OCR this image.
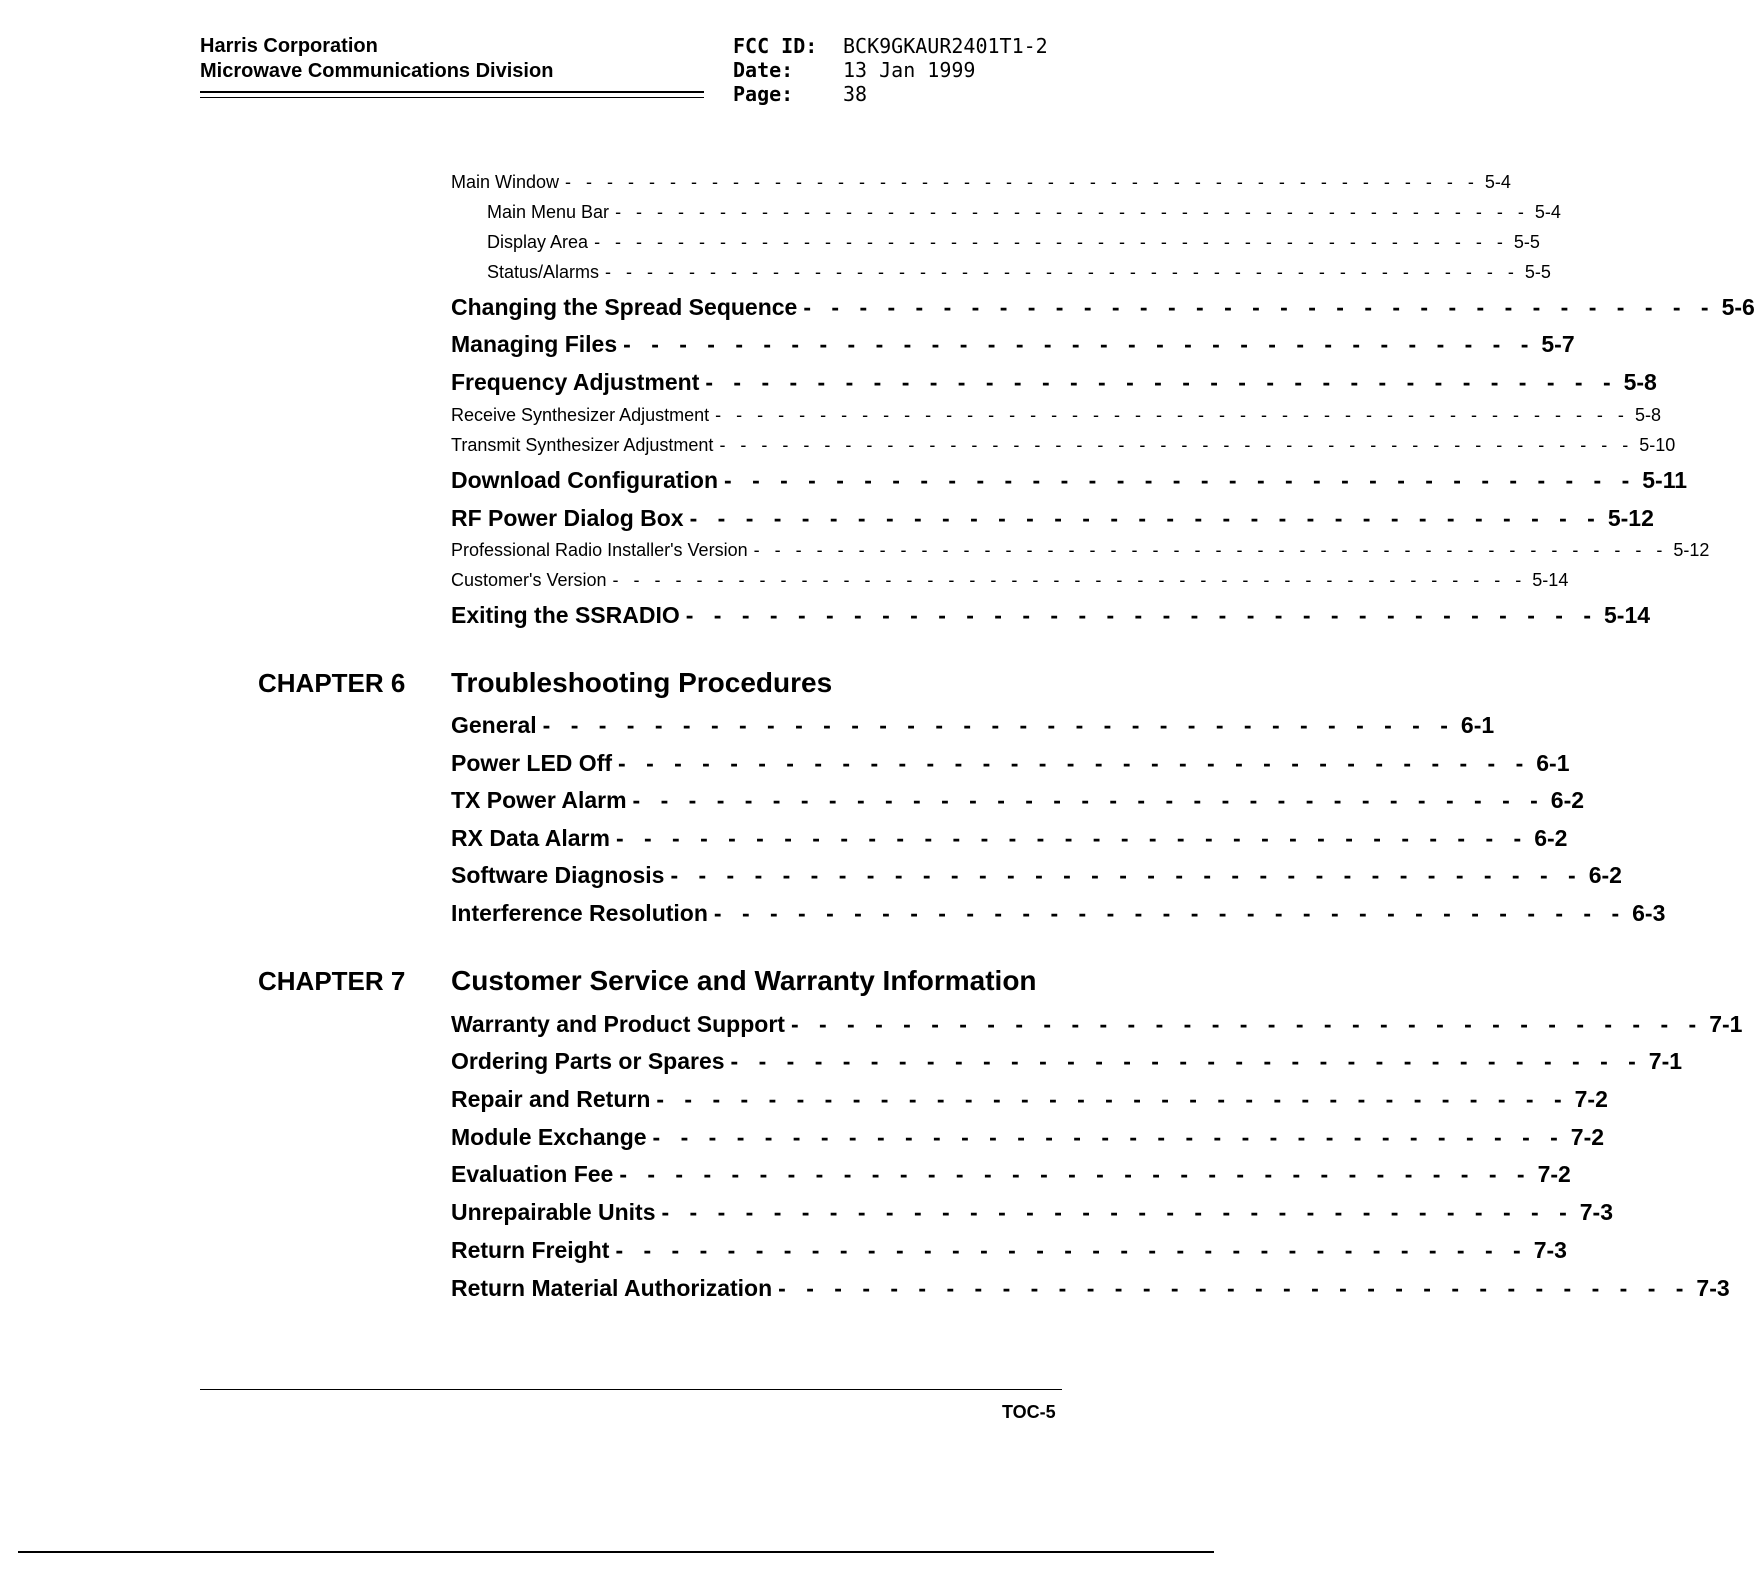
Harris Corporation
Microwave Communications Division
FCC ID:	BCK9GKAUR2401T1-2
Date:	13 Jan 1999
Page:	38
Main Window - - - - - - - - - - - - - - - - - - - - - - - - - - - - - - - - - - - - - - - - - - - - 5-4
Main Menu Bar - - - - - - - - - - - - - - - - - - - - - - - - - - - - - - - - - - - - - - - - - - - - 5-4
Display Area - - - - - - - - - - - - - - - - - - - - - - - - - - - - - - - - - - - - - - - - - - - - 5-5
Status/Alarms - - - - - - - - - - - - - - - - - - - - - - - - - - - - - - - - - - - - - - - - - - - - 5-5
Changing the Spread Sequence - - - - - - - - - - - - - - - - - - - - - - - - - - - - - - - - - 5-6
Managing Files - - - - - - - - - - - - - - - - - - - - - - - - - - - - - - - - - 5-7
Frequency Adjustment - - - - - - - - - - - - - - - - - - - - - - - - - - - - - - - - - 5-8
Receive Synthesizer Adjustment - - - - - - - - - - - - - - - - - - - - - - - - - - - - - - - - - - - - - - - - - - - - 5-8
Transmit Synthesizer Adjustment - - - - - - - - - - - - - - - - - - - - - - - - - - - - - - - - - - - - - - - - - - - - 5-10
Download Configuration - - - - - - - - - - - - - - - - - - - - - - - - - - - - - - - - - 5-11
RF Power Dialog Box - - - - - - - - - - - - - - - - - - - - - - - - - - - - - - - - - 5-12
Professional Radio Installer's Version - - - - - - - - - - - - - - - - - - - - - - - - - - - - - - - - - - - - - - - - - - - - 5-12
Customer's Version - - - - - - - - - - - - - - - - - - - - - - - - - - - - - - - - - - - - - - - - - - - - 5-14
Exiting the SSRADIO - - - - - - - - - - - - - - - - - - - - - - - - - - - - - - - - - 5-14
CHAPTER 6 Troubleshooting Procedures
General - - - - - - - - - - - - - - - - - - - - - - - - - - - - - - - - - 6-1
Power LED Off - - - - - - - - - - - - - - - - - - - - - - - - - - - - - - - - - 6-1
TX Power Alarm - - - - - - - - - - - - - - - - - - - - - - - - - - - - - - - - - 6-2
RX Data Alarm - - - - - - - - - - - - - - - - - - - - - - - - - - - - - - - - - 6-2
Software Diagnosis - - - - - - - - - - - - - - - - - - - - - - - - - - - - - - - - - 6-2
Interference Resolution - - - - - - - - - - - - - - - - - - - - - - - - - - - - - - - - - 6-3
CHAPTER 7 Customer Service and Warranty Information
Warranty and Product Support - - - - - - - - - - - - - - - - - - - - - - - - - - - - - - - - - 7-1
Ordering Parts or Spares - - - - - - - - - - - - - - - - - - - - - - - - - - - - - - - - - 7-1
Repair and Return - - - - - - - - - - - - - - - - - - - - - - - - - - - - - - - - - 7-2
Module Exchange - - - - - - - - - - - - - - - - - - - - - - - - - - - - - - - - - 7-2
Evaluation Fee - - - - - - - - - - - - - - - - - - - - - - - - - - - - - - - - - 7-2
Unrepairable Units - - - - - - - - - - - - - - - - - - - - - - - - - - - - - - - - - 7-3
Return Freight - - - - - - - - - - - - - - - - - - - - - - - - - - - - - - - - - 7-3
Return Material Authorization - - - - - - - - - - - - - - - - - - - - - - - - - - - - - - - - - 7-3
TOC-5
